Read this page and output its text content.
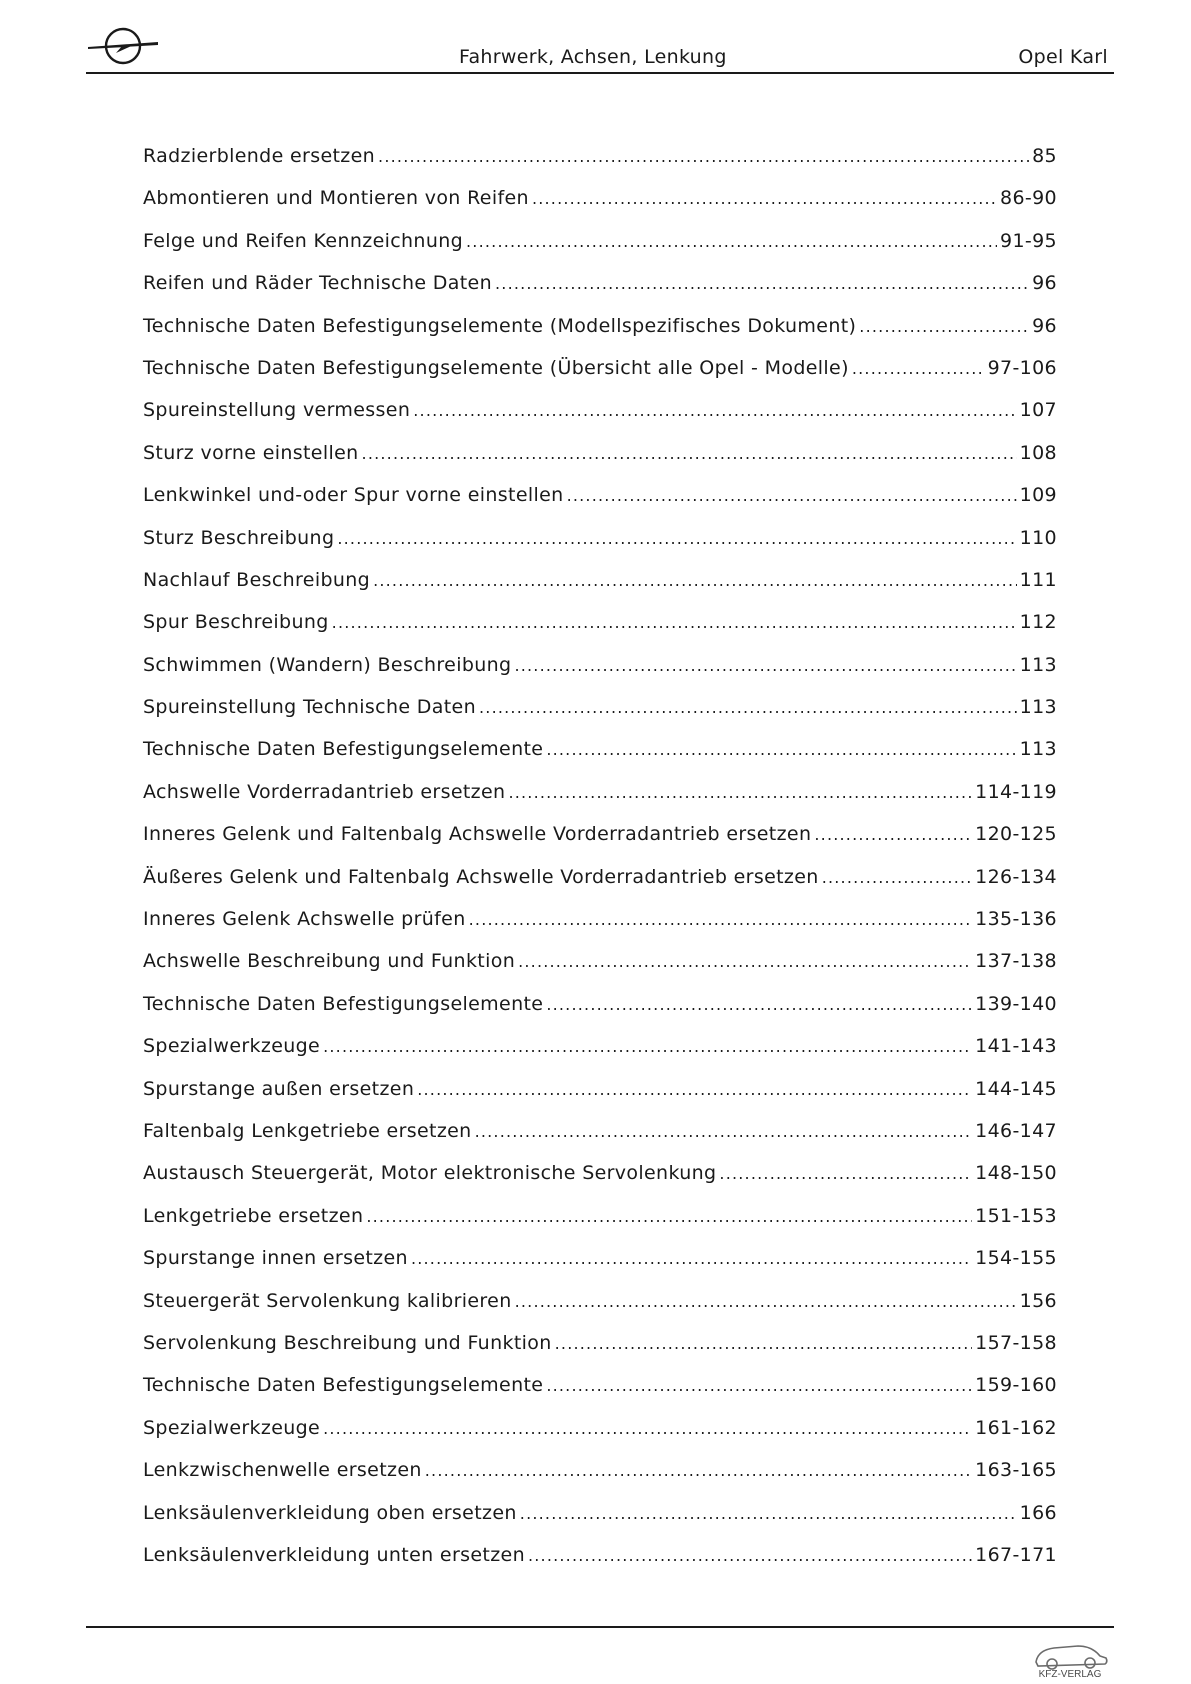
Fahrwerk, Achsen, Lenkung	Opel Karl
Radzierblende ersetzen .....	85
Abmontieren und Montieren von Reifen .....	86-90
Felge und Reifen Kennzeichnung .....	91-95
Reifen und Räder Technische Daten .....	96
Technische Daten Befestigungselemente (Modellspezifisches Dokument) .....	96
Technische Daten Befestigungselemente (Übersicht alle Opel - Modelle) .....	97-106
Spureinstellung vermessen .....	107
Sturz vorne einstellen .....	108
Lenkwinkel und-oder Spur vorne einstellen .....	109
Sturz Beschreibung .....	110
Nachlauf Beschreibung .....	111
Spur Beschreibung .....	112
Schwimmen (Wandern) Beschreibung .....	113
Spureinstellung Technische Daten .....	113
Technische Daten Befestigungselemente .....	113
Achswelle Vorderradantrieb ersetzen .....	114-119
Inneres Gelenk und Faltenbalg Achswelle Vorderradantrieb ersetzen .....	120-125
Äußeres Gelenk und Faltenbalg Achswelle Vorderradantrieb ersetzen .....	126-134
Inneres Gelenk Achswelle prüfen .....	135-136
Achswelle Beschreibung und Funktion .....	137-138
Technische Daten Befestigungselemente .....	139-140
Spezialwerkzeuge .....	141-143
Spurstange außen ersetzen .....	144-145
Faltenbalg Lenkgetriebe ersetzen .....	146-147
Austausch Steuergerät, Motor elektronische Servolenkung .....	148-150
Lenkgetriebe ersetzen .....	151-153
Spurstange innen ersetzen .....	154-155
Steuergerät Servolenkung kalibrieren .....	156
Servolenkung Beschreibung und Funktion .....	157-158
Technische Daten Befestigungselemente .....	159-160
Spezialwerkzeuge .....	161-162
Lenkzwischenwelle ersetzen .....	163-165
Lenksäulenverkleidung oben ersetzen .....	166
Lenksäulenverkleidung unten ersetzen .....	167-171
KFZ-VERLAG
